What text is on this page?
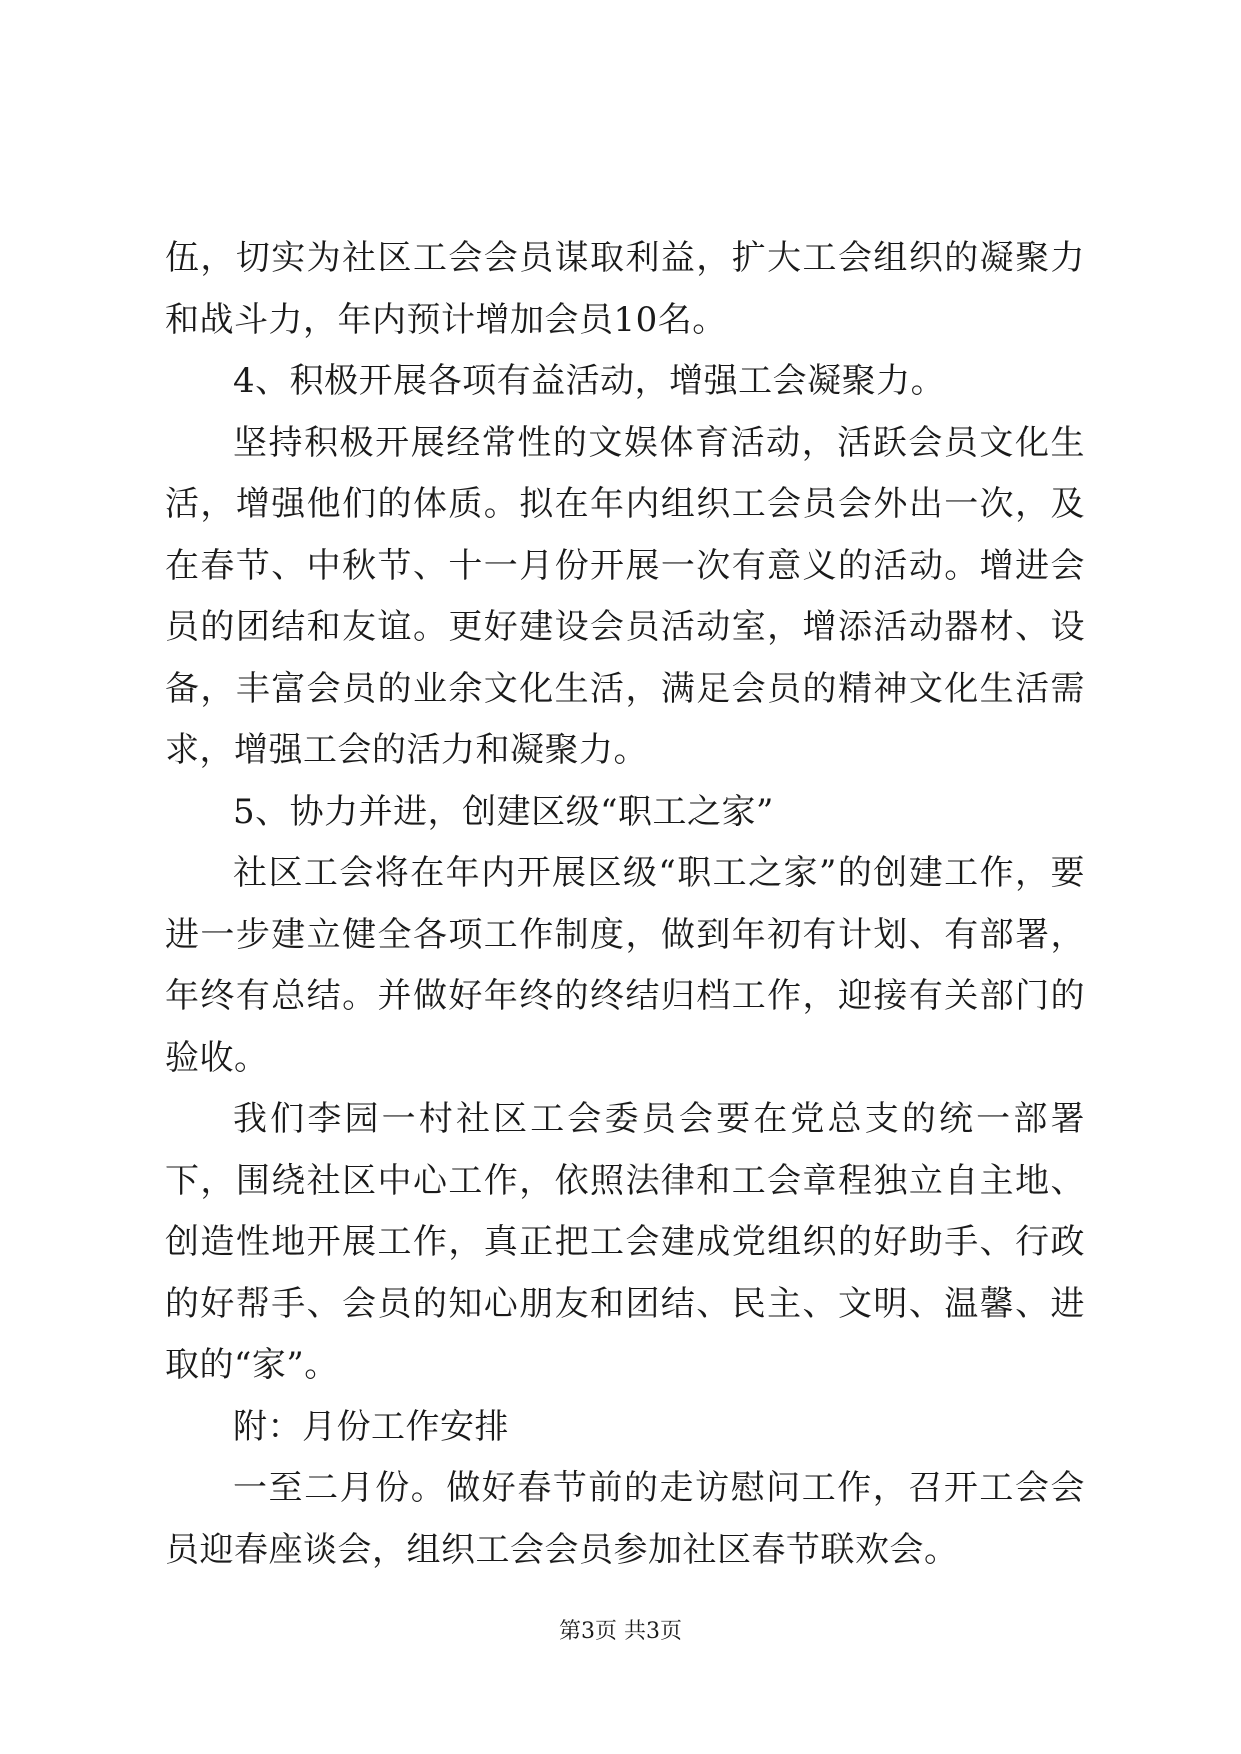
伍，切实为社区工会会员谋取利益，扩大工会组织的凝聚力和战斗力，年内预计增加会员10名。

4、积极开展各项有益活动，增强工会凝聚力。

坚持积极开展经常性的文娱体育活动，活跃会员文化生活，增强他们的体质。拟在年内组织工会员会外出一次，及在春节、中秋节、十一月份开展一次有意义的活动。增进会员的团结和友谊。更好建设会员活动室，增添活动器材、设备，丰富会员的业余文化生活，满足会员的精神文化生活需求，增强工会的活力和凝聚力。

5、协力并进，创建区级“职工之家”

社区工会将在年内开展区级“职工之家”的创建工作，要进一步建立健全各项工作制度，做到年初有计划、有部署，年终有总结。并做好年终的终结归档工作，迎接有关部门的验收。

我们李园一村社区工会委员会要在党总支的统一部署下，围绕社区中心工作，依照法律和工会章程独立自主地、创造性地开展工作，真正把工会建成党组织的好助手、行政的好帮手、会员的知心朋友和团结、民主、文明、温馨、进取的“家”。

附：月份工作安排

一至二月份。做好春节前的走访慰问工作，召开工会会员迎春座谈会，组织工会会员参加社区春节联欢会。

第3页 共3页
